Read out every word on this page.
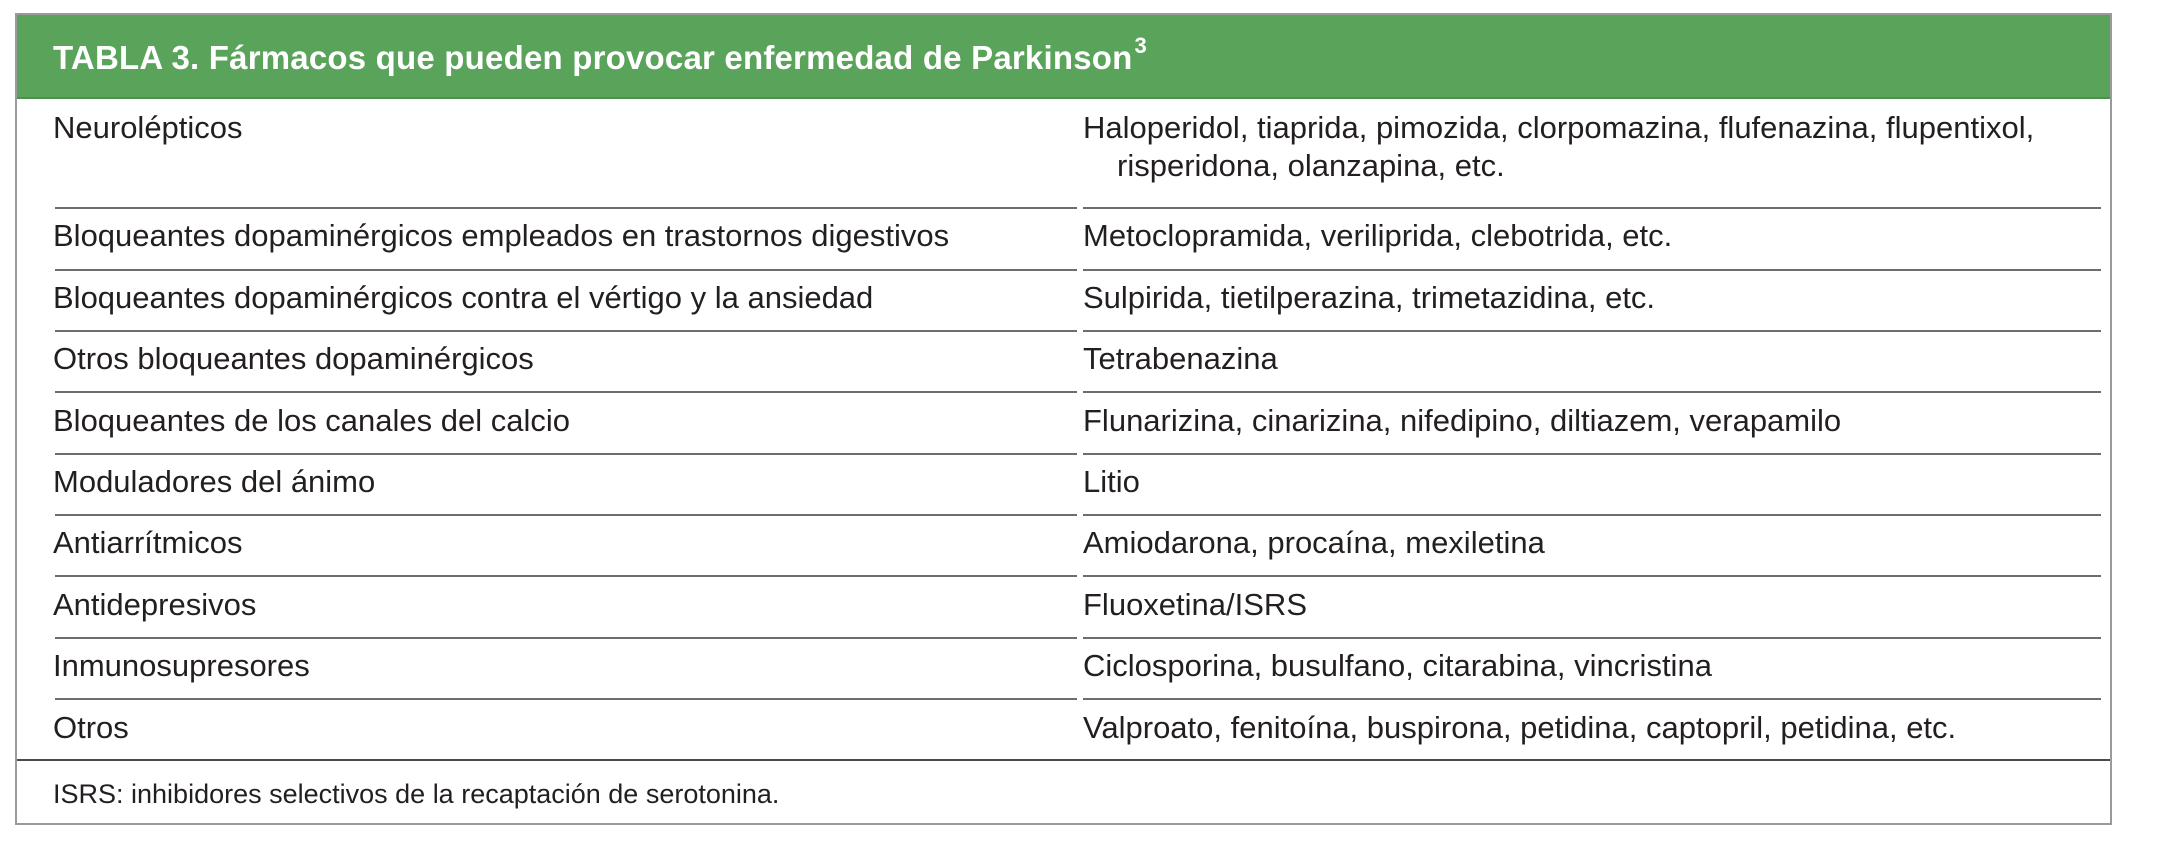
TABLA 3. Fármacos que pueden provocar enfermedad de Parkinson$^3$
Neurolépticos	Haloperidol, tiaprida, pimozida, clorpomazina, flufenazina, flupentixol,
risperidona, olanzapina, etc.
Bloqueantes dopaminérgicos empleados en trastornos digestivos	Metoclopramida, veriliprida, clebotrida, etc.
Bloqueantes dopaminérgicos contra el vértigo y la ansiedad	Sulpirida, tietilperazina, trimetazidina, etc.
Otros bloqueantes dopaminérgicos	Tetrabenazina
Bloqueantes de los canales del calcio	Flunarizina, cinarizina, nifedipino, diltiazem, verapamilo
Moduladores del ánimo	Litio
Antiarrítmicos	Amiodarona, procaína, mexiletina
Antidepresivos	Fluoxetina/ISRS
Inmunosupresores	Ciclosporina, busulfano, citarabina, vincristina
Otros	Valproato, fenitoína, buspirona, petidina, captopril, petidina, etc.
ISRS: inhibidores selectivos de la recaptación de serotonina.
